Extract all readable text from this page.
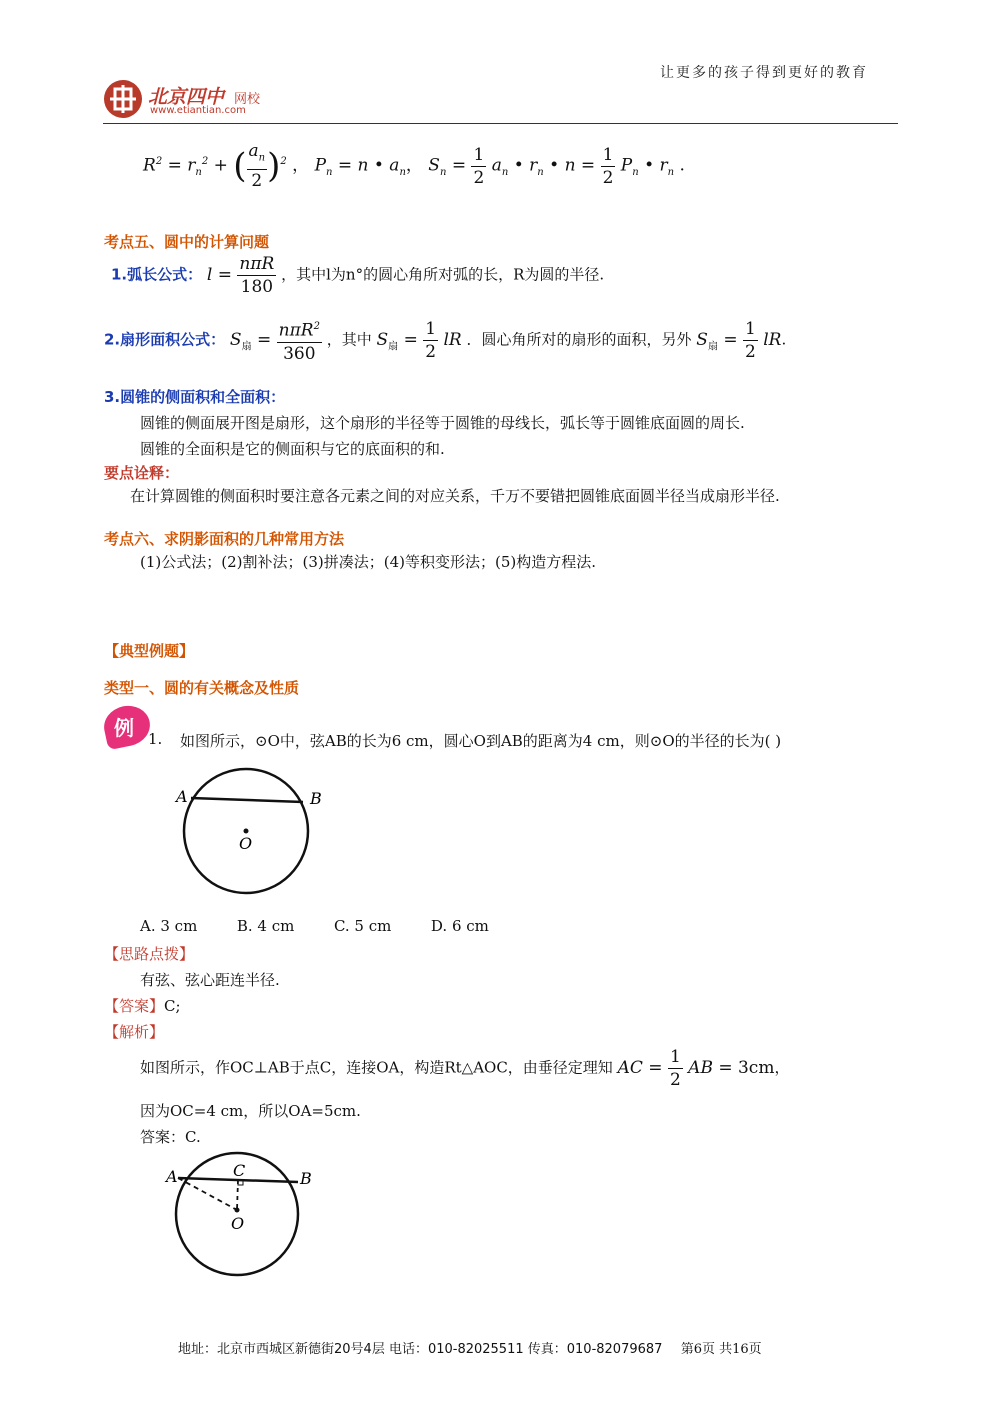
让更多的孩子得到更好的教育
北京四中 网校
www.etiantian.com
$R^2 = r_n^2$ + ( $\frac{a_n}{2} )^2$ ， $P_n = n$ • $a_n$， $S_n = \frac{1}{2} a_n$ • $r_n$ • $n = \frac{1}{2} P_n$ • $r_n$ .
考点五、圆中的计算问题
1.弧长公式： $l = \frac{\text{nπR}}{180}$ ，其中l为n°的圆心角所对弧的长，R为圆的半径.
2.扇形面积公式： $S_扇 = \frac{n\pi R^2}{360}$ ，其中 $S_扇 = \frac{1}{2}$ lR ．圆心角所对的扇形的面积，另外 $S_扇 = \frac{1}{2}$ lR.
3.圆锥的侧面积和全面积：
圆锥的侧面展开图是扇形，这个扇形的半径等于圆锥的母线长，弧长等于圆锥底面圆的周长.
圆锥的全面积是它的侧面积与它的底面积的和.
要点诠释：
在计算圆锥的侧面积时要注意各元素之间的对应关系，千万不要错把圆锥底面圆半径当成扇形半径.
考点六、求阴影面积的几种常用方法
(1)公式法；(2)割补法；(3)拼凑法；(4)等积变形法；(5)构造方程法.
【典型例题】
类型一、圆的有关概念及性质
例 1. 如图所示，⊙O中，弦AB的长为6 cm，圆心O到AB的距离为4 cm，则⊙O的半径的长为( )
A	B
O
A. 3 cm	B. 4 cm	C. 5 cm	D. 6 cm
【思路点拨】
有弦、弦心距连半径.
【答案】C;
【解析】
如图所示，作OC⊥AB于点C，连接OA，构造Rt△AOC，由垂径定理知 AC = $\frac{1}{2}$ AB = 3cm，
因为OC=4 cm，所以OA=5cm.
答案：C.
A	B
C
O
地址：北京市西城区新德街20号4层 电话：010-82025511 传真：010-82079687 第6页 共16页
